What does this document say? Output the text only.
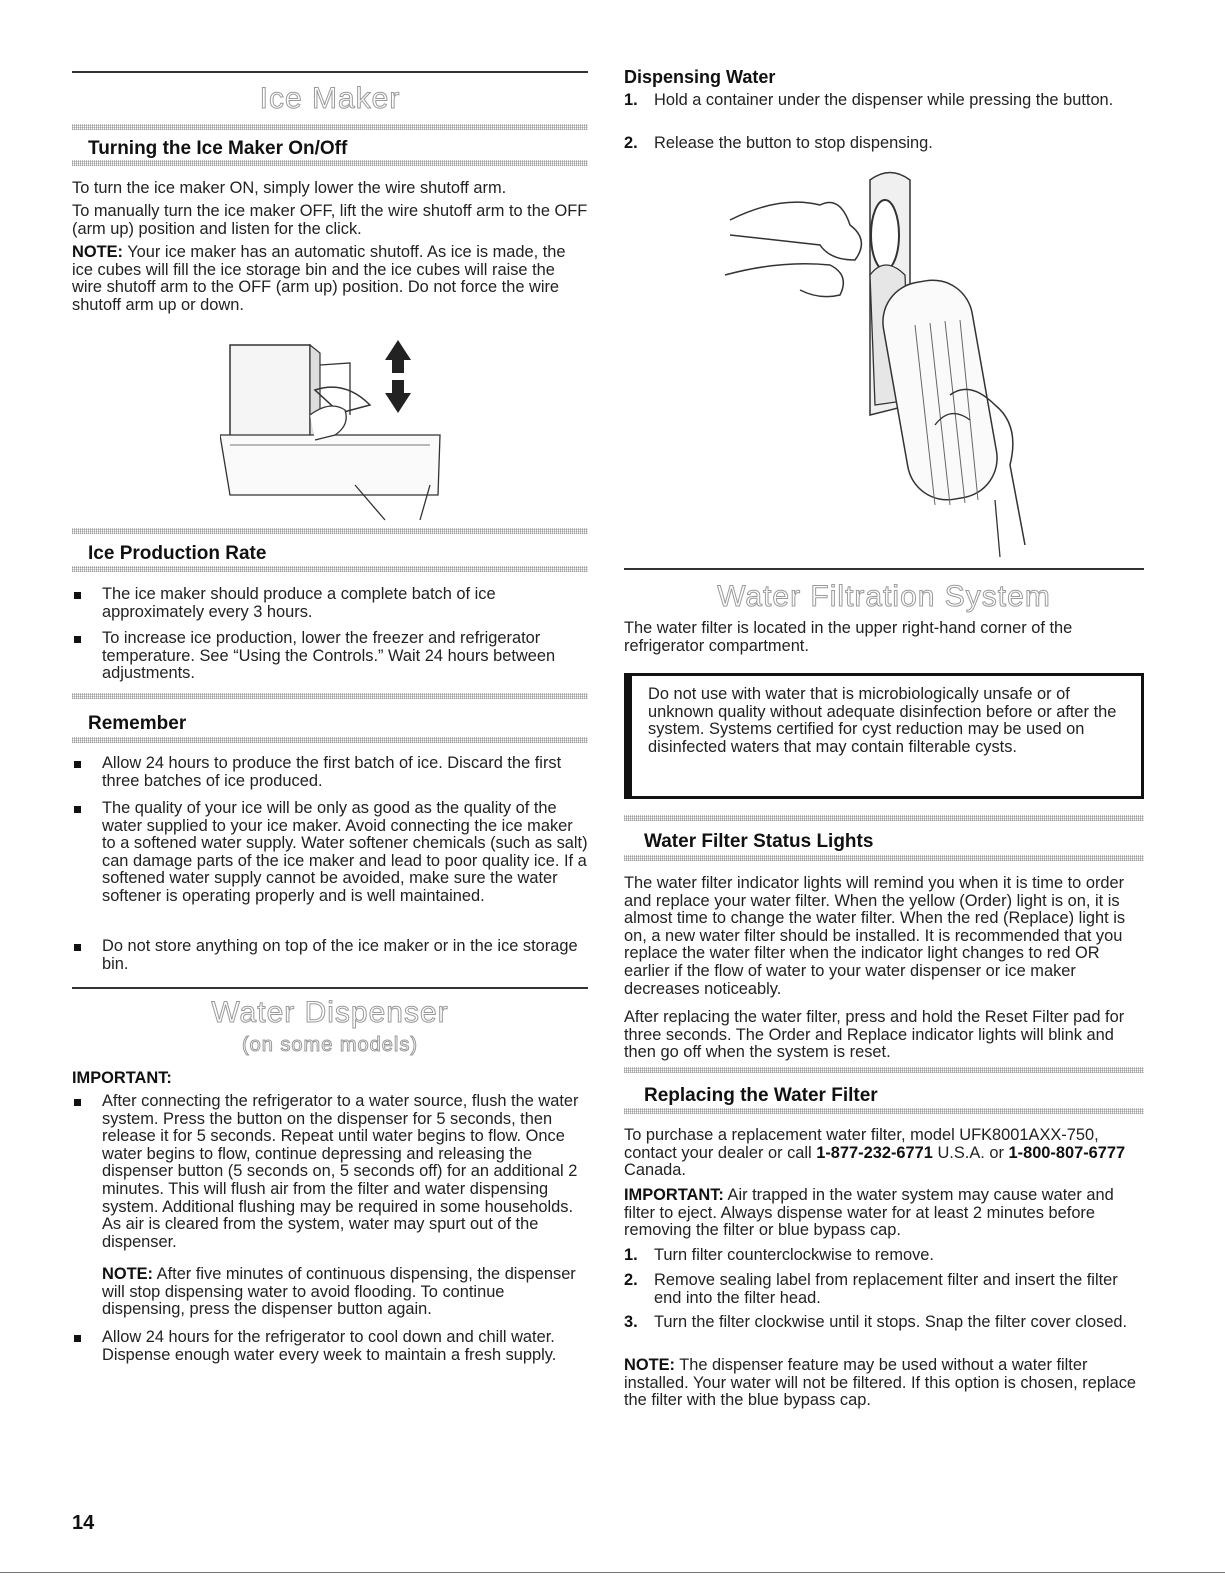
Ice Maker
Turning the Ice Maker On/Off
To turn the ice maker ON, simply lower the wire shutoff arm.
To manually turn the ice maker OFF, lift the wire shutoff arm to the OFF (arm up) position and listen for the click.
NOTE: Your ice maker has an automatic shutoff. As ice is made, the ice cubes will fill the ice storage bin and the ice cubes will raise the wire shutoff arm to the OFF (arm up) position. Do not force the wire shutoff arm up or down.
Ice Production Rate
The ice maker should produce a complete batch of ice approximately every 3 hours.
To increase ice production, lower the freezer and refrigerator temperature. See “Using the Controls.” Wait 24 hours between adjustments.
Remember
Allow 24 hours to produce the first batch of ice. Discard the first three batches of ice produced.
The quality of your ice will be only as good as the quality of the water supplied to your ice maker. Avoid connecting the ice maker to a softened water supply. Water softener chemicals (such as salt) can damage parts of the ice maker and lead to poor quality ice. If a softened water supply cannot be avoided, make sure the water softener is operating properly and is well maintained.
Do not store anything on top of the ice maker or in the ice storage bin.
Water Dispenser
(on some models)
IMPORTANT:
After connecting the refrigerator to a water source, flush the water system. Press the button on the dispenser for 5 seconds, then release it for 5 seconds. Repeat until water begins to flow. Once water begins to flow, continue depressing and releasing the dispenser button (5 seconds on, 5 seconds off) for an additional 2 minutes. This will flush air from the filter and water dispensing system. Additional flushing may be required in some households. As air is cleared from the system, water may spurt out of the dispenser.
NOTE: After five minutes of continuous dispensing, the dispenser will stop dispensing water to avoid flooding. To continue dispensing, press the dispenser button again.
Allow 24 hours for the refrigerator to cool down and chill water. Dispense enough water every week to maintain a fresh supply.
Dispensing Water
1. Hold a container under the dispenser while pressing the button.
2. Release the button to stop dispensing.
Water Filtration System
The water filter is located in the upper right-hand corner of the refrigerator compartment.
Do not use with water that is microbiologically unsafe or of unknown quality without adequate disinfection before or after the system. Systems certified for cyst reduction may be used on disinfected waters that may contain filterable cysts.
Water Filter Status Lights
The water filter indicator lights will remind you when it is time to order and replace your water filter. When the yellow (Order) light is on, it is almost time to change the water filter. When the red (Replace) light is on, a new water filter should be installed. It is recommended that you replace the water filter when the indicator light changes to red OR earlier if the flow of water to your water dispenser or ice maker decreases noticeably.
After replacing the water filter, press and hold the Reset Filter pad for three seconds. The Order and Replace indicator lights will blink and then go off when the system is reset.
Replacing the Water Filter
To purchase a replacement water filter, model UFK8001AXX-750, contact your dealer or call 1-877-232-6771 U.S.A. or 1-800-807-6777 Canada.
IMPORTANT: Air trapped in the water system may cause water and filter to eject. Always dispense water for at least 2 minutes before removing the filter or blue bypass cap.
1. Turn filter counterclockwise to remove.
2. Remove sealing label from replacement filter and insert the filter end into the filter head.
3. Turn the filter clockwise until it stops. Snap the filter cover closed.
NOTE: The dispenser feature may be used without a water filter installed. Your water will not be filtered. If this option is chosen, replace the filter with the blue bypass cap.
14
